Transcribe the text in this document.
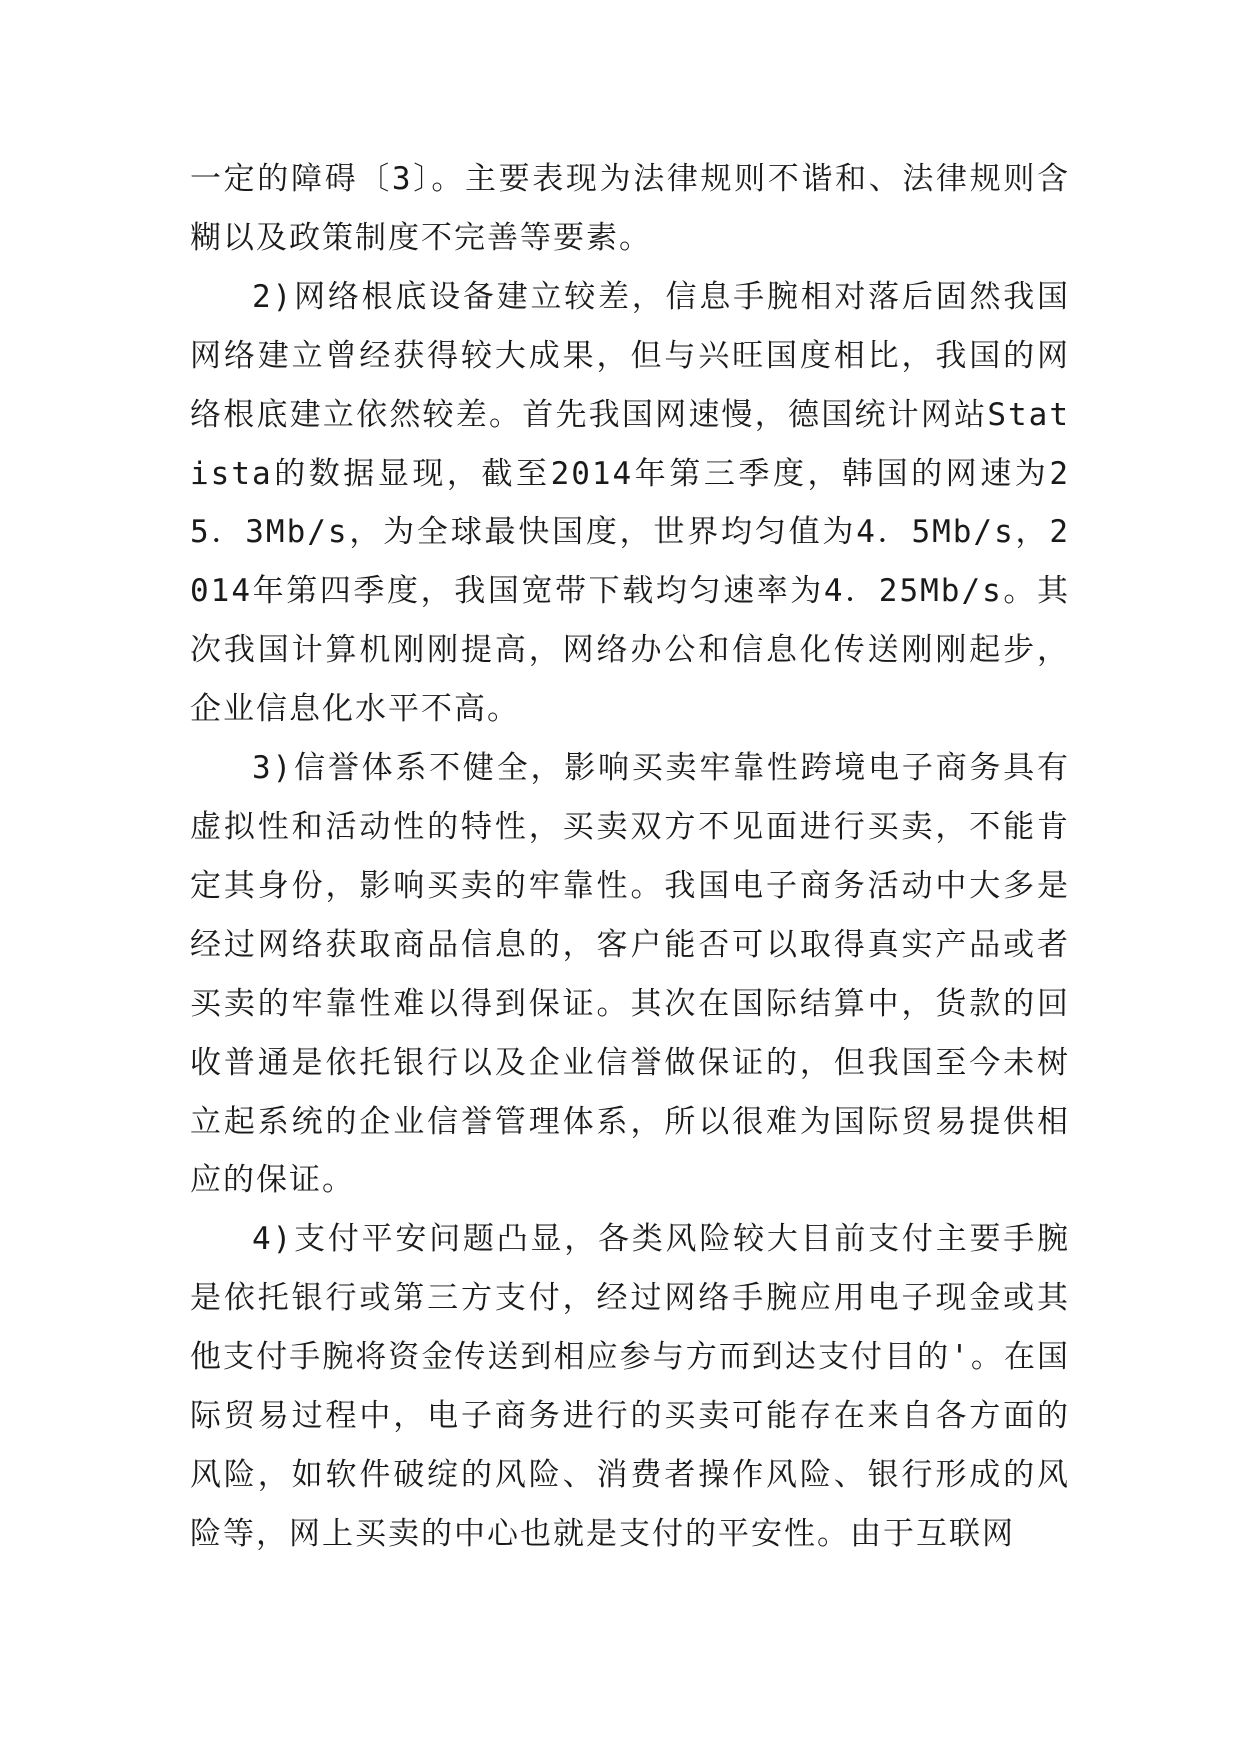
一定的障碍〔3〕。主要表现为法律规则不谐和、法律规则含糊以及政策制度不完善等要素。

2)网络根底设备建立较差，信息手腕相对落后固然我国网络建立曾经获得较大成果，但与兴旺国度相比，我国的网络根底建立依然较差。首先我国网速慢，德国统计网站Statista的数据显现，截至2014年第三季度，韩国的网速为25．3Mb/s，为全球最快国度，世界均匀值为4．5Mb/s，2014年第四季度，我国宽带下载均匀速率为4．25Mb/s。其次我国计算机刚刚提高，网络办公和信息化传送刚刚起步，企业信息化水平不高。

3)信誉体系不健全，影响买卖牢靠性跨境电子商务具有虚拟性和活动性的特性，买卖双方不见面进行买卖，不能肯定其身份，影响买卖的牢靠性。我国电子商务活动中大多是经过网络获取商品信息的，客户能否可以取得真实产品或者买卖的牢靠性难以得到保证。其次在国际结算中，货款的回收普通是依托银行以及企业信誉做保证的，但我国至今未树立起系统的企业信誉管理体系，所以很难为国际贸易提供相应的保证。

4)支付平安问题凸显，各类风险较大目前支付主要手腕是依托银行或第三方支付，经过网络手腕应用电子现金或其他支付手腕将资金传送到相应参与方而到达支付目的'。在国际贸易过程中，电子商务进行的买卖可能存在来自各方面的风险，如软件破绽的风险、消费者操作风险、银行形成的风险等，网上买卖的中心也就是支付的平安性。由于互联网
